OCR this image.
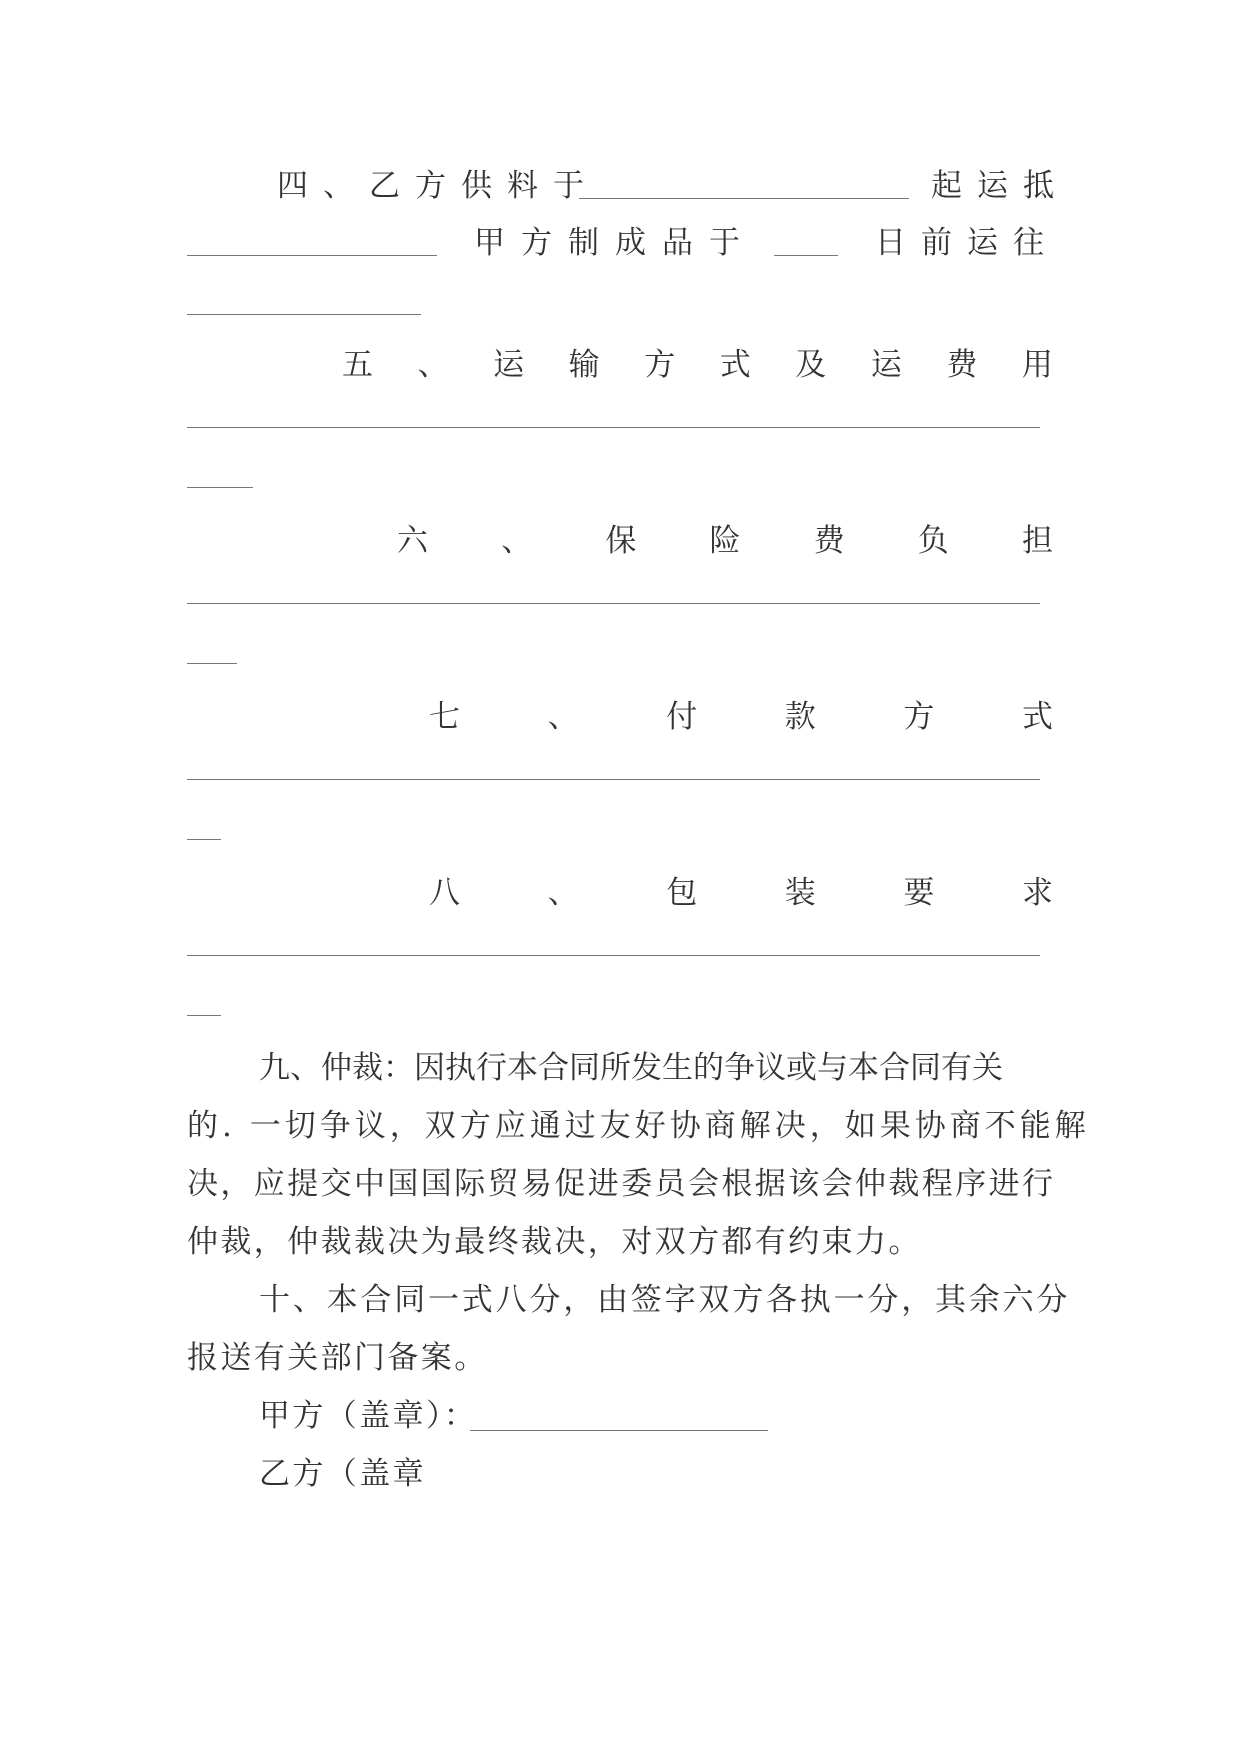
四、乙方供料于	起运抵
甲方制成品于	日前运往
五 、 运 输 方 式 及 运 费 用
六 、 保 险 费 负 担
七	、	付	款	方	式
八	、	包	装	要	求
九、仲裁：因执行本合同所发生的争议或与本合同有关
的. 一切争议，双方应通过友好协商解决，如果协商不能解
决，应提交中国国际贸易促进委员会根据该会仲裁程序进行
仲裁，仲裁裁决为最终裁决，对双方都有约束力。
十、本合同一式八分，由签字双方各执一分，其余六分
报送有关部门备案。
甲方（盖章）：
乙方（盖章
